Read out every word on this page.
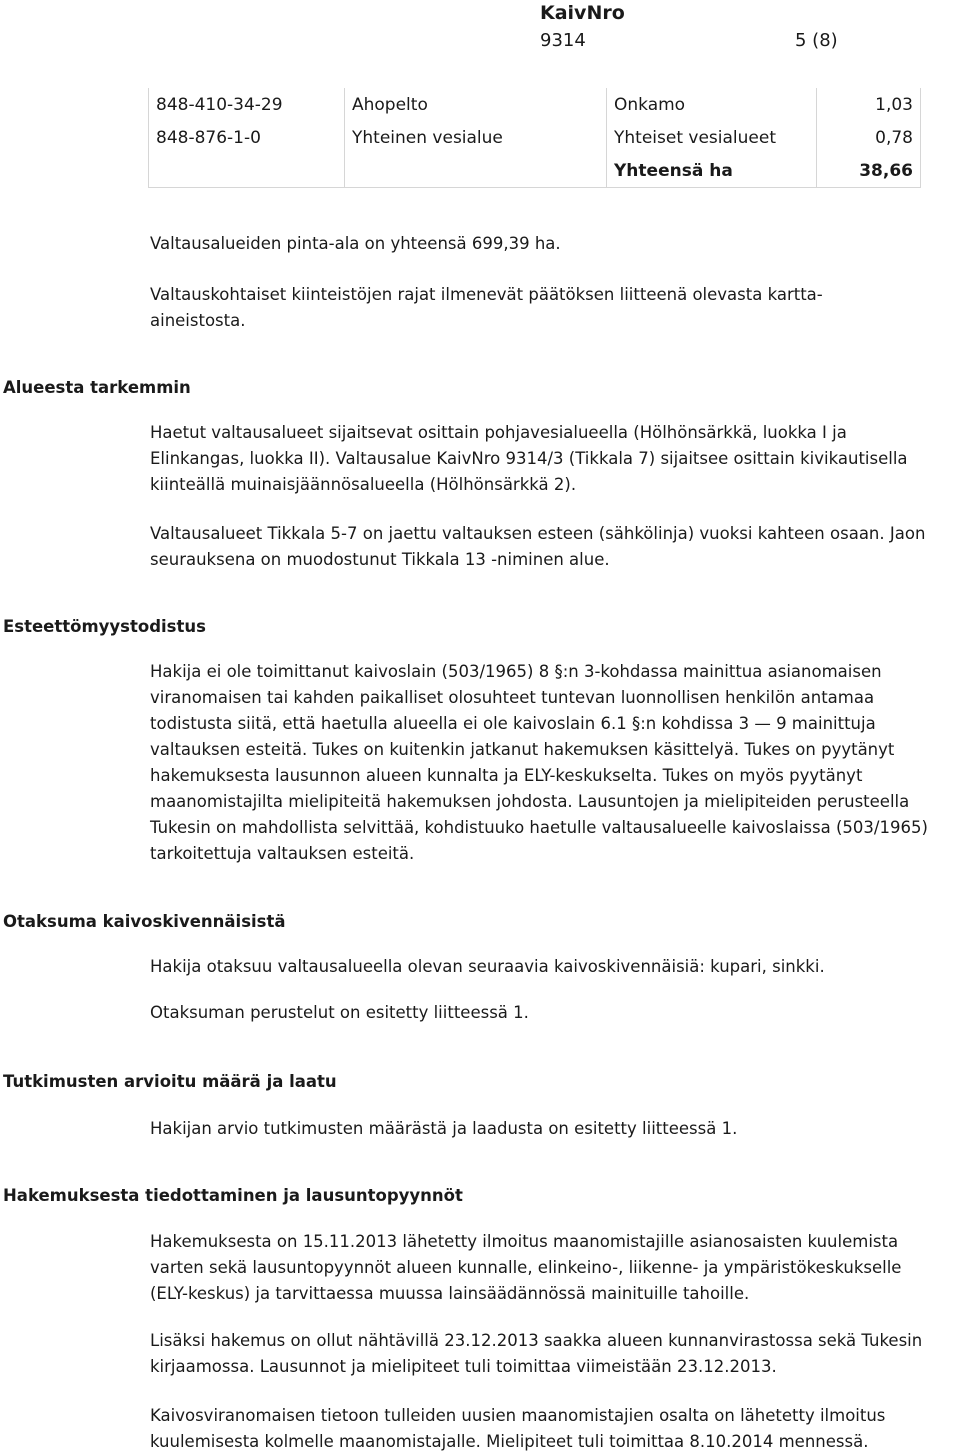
KaivNro
9314	5 (8)
848-410-34-29	Ahopelto	Onkamo	1,03
848-876-1-0	Yhteinen vesialue	Yhteiset vesialueet	0,78
		Yhteensä ha	38,66

Valtausalueiden pinta-ala on yhteensä 699,39 ha.

Valtauskohtaiset kiinteistöjen rajat ilmenevät päätöksen liitteenä olevasta kartta-aineistosta.

Alueesta tarkemmin

Haetut valtausalueet sijaitsevat osittain pohjavesialueella (Hölhönsärkkä, luokka I ja Elinkangas, luokka II). Valtausalue KaivNro 9314/3 (Tikkala 7) sijaitsee osittain kivikautisella kiinteällä muinaisjäännösalueella (Hölhönsärkkä 2).

Valtausalueet Tikkala 5-7 on jaettu valtauksen esteen (sähkölinja) vuoksi kahteen osaan. Jaon seurauksena on muodostunut Tikkala 13 -niminen alue.

Esteettömyystodistus

Hakija ei ole toimittanut kaivoslain (503/1965) 8 §:n 3-kohdassa mainittua asianomaisen viranomaisen tai kahden paikalliset olosuhteet tuntevan luonnollisen henkilön antamaa todistusta siitä, että haetulla alueella ei ole kaivoslain 6.1 §:n kohdissa 3 — 9 mainittuja valtauksen esteitä. Tukes on kuitenkin jatkanut hakemuksen käsittelyä. Tukes on pyytänyt hakemuksesta lausunnon alueen kunnalta ja ELY-keskukselta. Tukes on myös pyytänyt maanomistajilta mielipiteitä hakemuksen johdosta. Lausuntojen ja mielipiteiden perusteella Tukesin on mahdollista selvittää, kohdistuuko haetulle valtausalueelle kaivoslaissa (503/1965) tarkoitettuja valtauksen esteitä.

Otaksuma kaivoskivennäisistä

Hakija otaksuu valtausalueella olevan seuraavia kaivoskivennäisiä: kupari, sinkki.

Otaksuman perustelut on esitetty liitteessä 1.

Tutkimusten arvioitu määrä ja laatu

Hakijan arvio tutkimusten määrästä ja laadusta on esitetty liitteessä 1.

Hakemuksesta tiedottaminen ja lausuntopyynnöt

Hakemuksesta on 15.11.2013 lähetetty ilmoitus maanomistajille asianosaisten kuulemista varten sekä lausuntopyynnöt alueen kunnalle, elinkeino-, liikenne- ja ympäristökeskukselle (ELY-keskus) ja tarvittaessa muussa lainsäädännössä mainituille tahoille.

Lisäksi hakemus on ollut nähtävillä 23.12.2013 saakka alueen kunnanvirastossa sekä Tukesin kirjaamossa. Lausunnot ja mielipiteet tuli toimittaa viimeistään 23.12.2013.

Kaivosviranomaisen tietoon tulleiden uusien maanomistajien osalta on lähetetty ilmoitus kuulemisesta kolmelle maanomistajalle. Mielipiteet tuli toimittaa 8.10.2014 mennessä.
